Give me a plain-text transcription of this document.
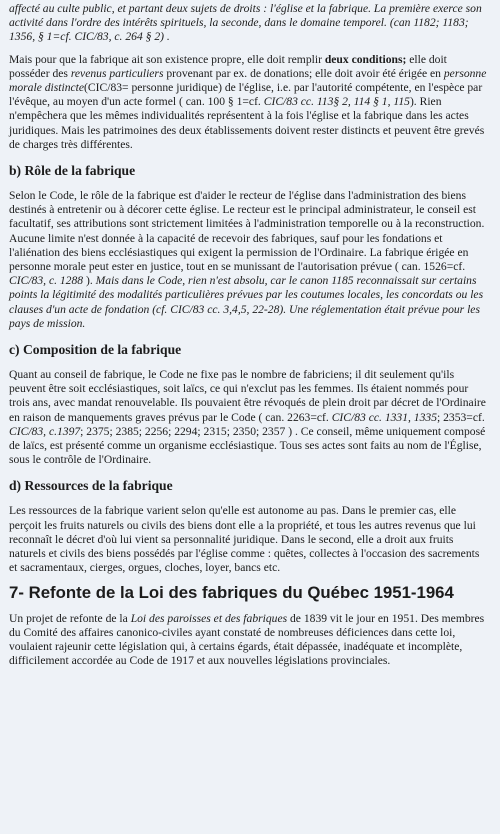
affecté au culte public, et partant deux sujets de droits : l'église et la fabrique. La première exerce son activité dans l'ordre des intérêts spirituels, la seconde, dans le domaine temporel. (can 1182; 1183; 1356, § 1=cf. CIC/83, c. 264 § 2) .

Mais pour que la fabrique ait son existence propre, elle doit remplir deux conditions; elle doit posséder des revenus particuliers provenant par ex. de donations; elle doit avoir été érigée en personne morale distincte(CIC/83= personne juridique) de l'église, i.e. par l'autorité compétente, en l'espèce par l'évêque, au moyen d'un acte formel ( can. 100 § 1=cf. CIC/83 cc. 113§ 2, 114 § 1, 115). Rien n'empêchera que les mêmes individualités représentent à la fois l'église et la fabrique dans les actes juridiques. Mais les patrimoines des deux établissements doivent rester distincts et peuvent être grevés de charges très différentes.

b) Rôle de la fabrique

Selon le Code, le rôle de la fabrique est d'aider le recteur de l'église dans l'administration des biens destinés à entretenir ou à décorer cette église. Le recteur est le principal administrateur, le conseil est facultatif, ses attributions sont strictement limitées à l'administration temporelle ou à la reconstruction. Aucune limite n'est donnée à la capacité de recevoir des fabriques, sauf pour les fondations et l'aliénation des biens ecclésiastiques qui exigent la permission de l'Ordinaire. La fabrique érigée en personne morale peut ester en justice, tout en se munissant de l'autorisation prévue ( can. 1526=cf. CIC/83, c. 1288 ). Mais dans le Code, rien n'est absolu, car le canon 1185 reconnaissait sur certains points la légitimité des modalités particulières prévues par les coutumes locales, les concordats ou les clauses d'un acte de fondation (cf. CIC/83 cc. 3,4,5, 22-28). Une réglementation était prévue pour les pays de mission.

c) Composition de la fabrique

Quant au conseil de fabrique, le Code ne fixe pas le nombre de fabriciens; il dit seulement qu'ils peuvent être soit ecclésiastiques, soit laïcs, ce qui n'exclut pas les femmes. Ils étaient nommés pour trois ans, avec mandat renouvelable. Ils pouvaient être révoqués de plein droit par décret de l'Ordinaire en raison de manquements graves prévus par le Code ( can. 2263=cf. CIC/83 cc. 1331, 1335; 2353=cf. CIC/83, c.1397; 2375; 2385; 2256; 2294; 2315; 2350; 2357 ) . Ce conseil, même uniquement composé de laïcs, est présenté comme un organisme ecclésiastique. Tous ses actes sont faits au nom de l'Église, sous le contrôle de l'Ordinaire.

d) Ressources de la fabrique

Les ressources de la fabrique varient selon qu'elle est autonome au pas. Dans le premier cas, elle perçoit les fruits naturels ou civils des biens dont elle a la propriété, et tous les autres revenus que lui reconnaît le décret d'où lui vient sa personnalité juridique. Dans le second, elle a droit aux fruits naturels et civils des biens possédés par l'église comme : quêtes, collectes à l'occasion des sacrements et sacramentaux, cierges, orgues, cloches, loyer, bancs etc.

7- Refonte de la Loi des fabriques du Québec 1951-1964

Un projet de refonte de la Loi des paroisses et des fabriques de 1839 vit le jour en 1951. Des membres du Comité des affaires canonico-civiles ayant constaté de nombreuses déficiences dans cette loi, voulaient rajeunir cette législation qui, à certains égards, était dépassée, inadéquate et incomplète, difficilement accordée au Code de 1917 et aux nouvelles législations provinciales.
